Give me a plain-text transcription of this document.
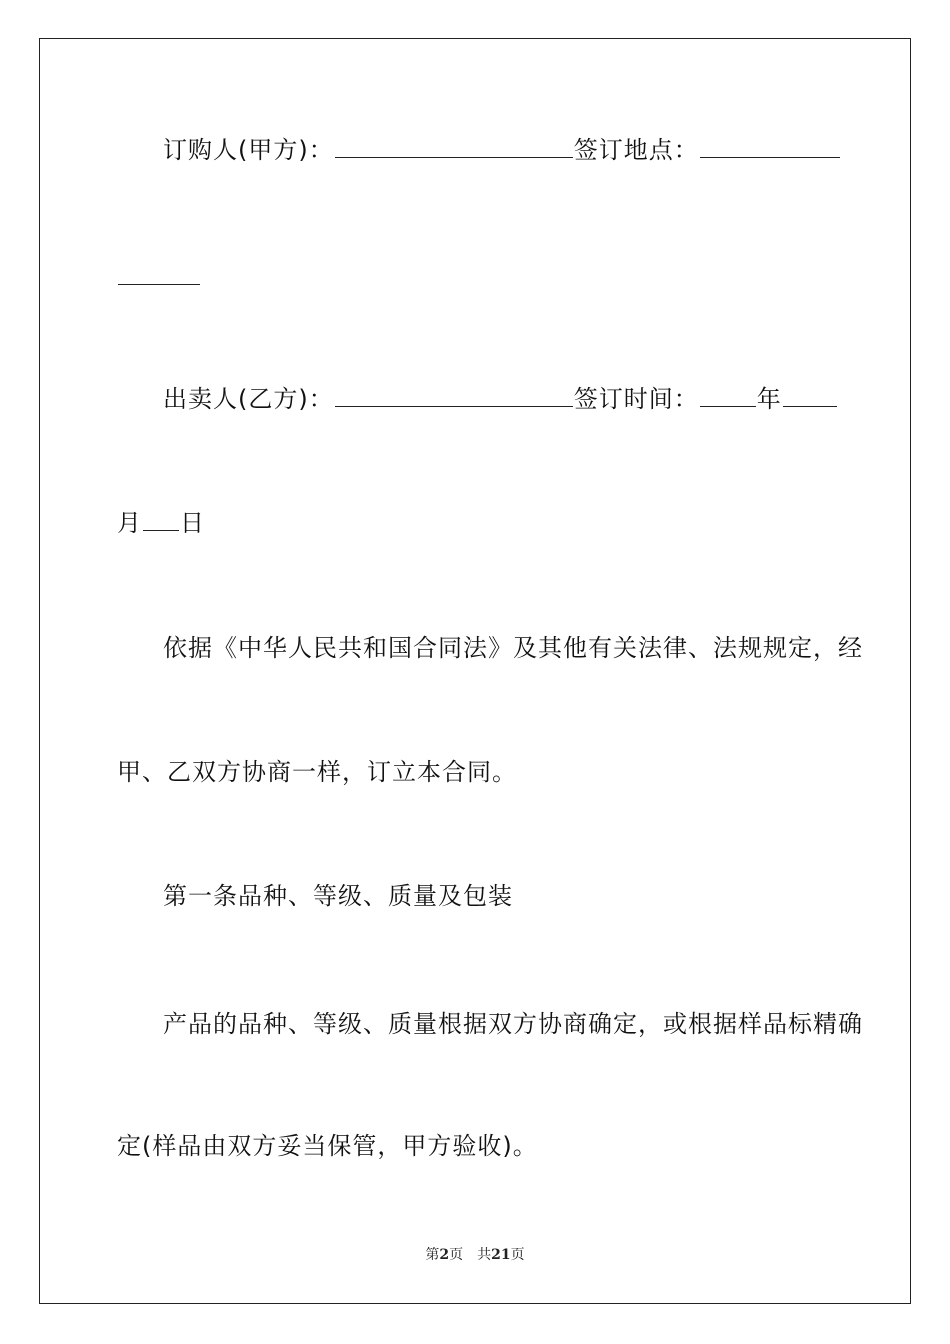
订购人(甲方)：	签订地点：
出卖人(乙方)：	签订时间： 年
月 日
依据《中华人民共和国合同法》及其他有关法律、法规规定，经
甲、乙双方协商一样，订立本合同。
第一条品种、等级、质量及包装
产品的品种、等级、质量根据双方协商确定，或根据样品标精确
定(样品由双方妥当保管，甲方验收)。
第2页　共21页
